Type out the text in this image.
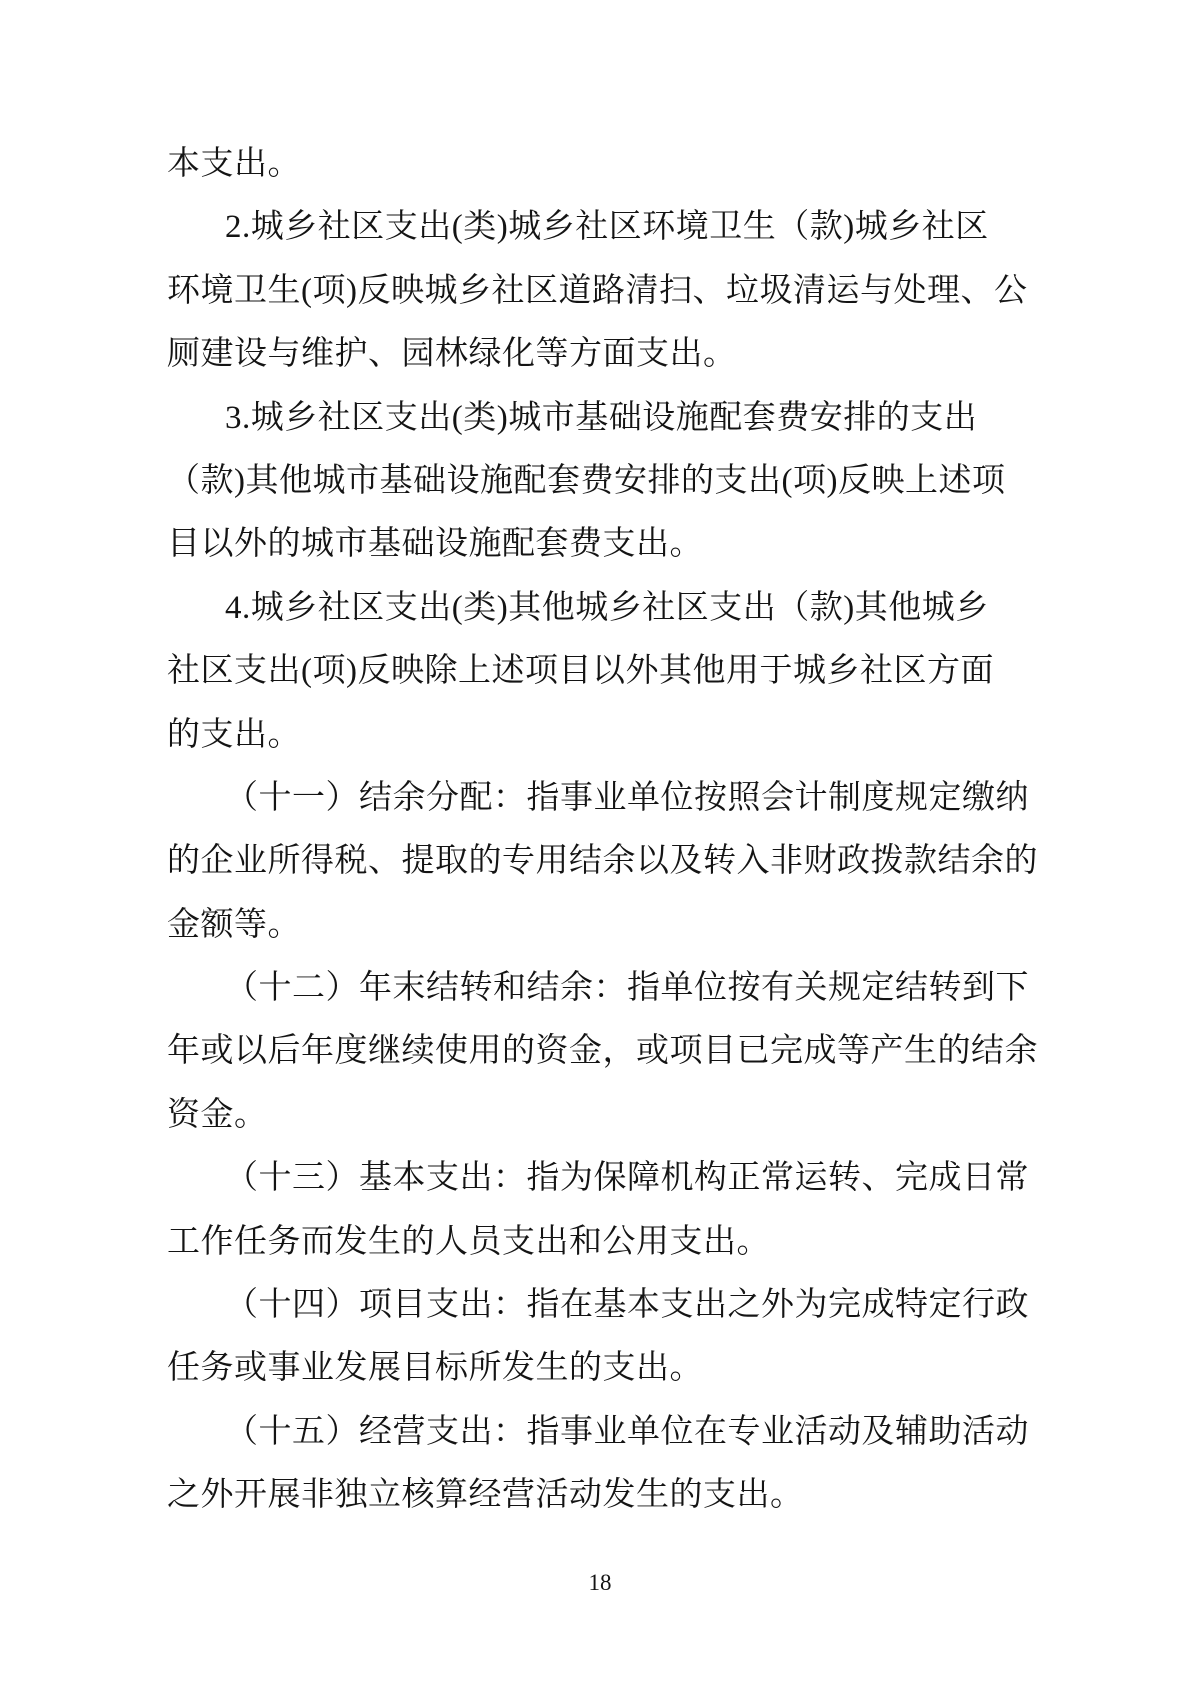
本支出。
2.城乡社区支出(类)城乡社区环境卫生（款)城乡社区
环境卫生(项)反映城乡社区道路清扫、垃圾清运与处理、公
厕建设与维护、园林绿化等方面支出。
3.城乡社区支出(类)城市基础设施配套费安排的支出
（款)其他城市基础设施配套费安排的支出(项)反映上述项
目以外的城市基础设施配套费支出。
4.城乡社区支出(类)其他城乡社区支出（款)其他城乡
社区支出(项)反映除上述项目以外其他用于城乡社区方面
的支出。
（十一）结余分配：指事业单位按照会计制度规定缴纳
的企业所得税、提取的专用结余以及转入非财政拨款结余的
金额等。
（十二）年末结转和结余：指单位按有关规定结转到下
年或以后年度继续使用的资金，或项目已完成等产生的结余
资金。
（十三）基本支出：指为保障机构正常运转、完成日常
工作任务而发生的人员支出和公用支出。
（十四）项目支出：指在基本支出之外为完成特定行政
任务或事业发展目标所发生的支出。
（十五）经营支出：指事业单位在专业活动及辅助活动
之外开展非独立核算经营活动发生的支出。
18
